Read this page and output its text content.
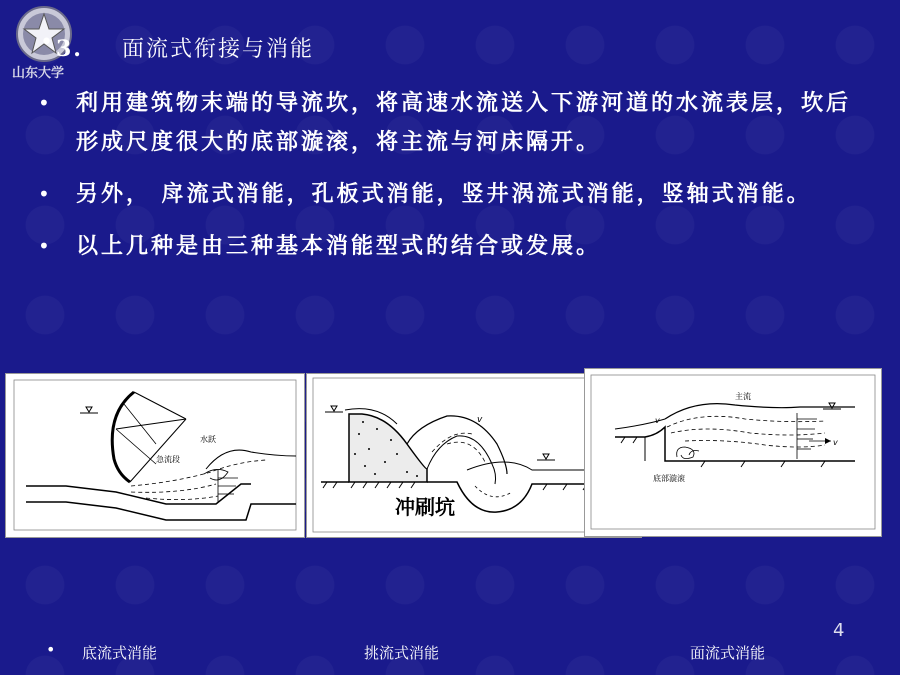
山东大学
• 3. 面流式衔接与消能
• 利用建筑物末端的导流坎，将高速水流送入下游河道的水流表层，坎后形成尺度很大的底部漩滚，将主流与河床隔开。
• 另外， 戽流式消能，孔板式消能，竖井涡流式消能，竖轴式消能。
• 以上几种是由三种基本消能型式的结合或发展。
水跃
急流段
v
冲刷坑
主流
底部漩滚
v
v
4
• 底流式消能	挑流式消能	面流式消能
